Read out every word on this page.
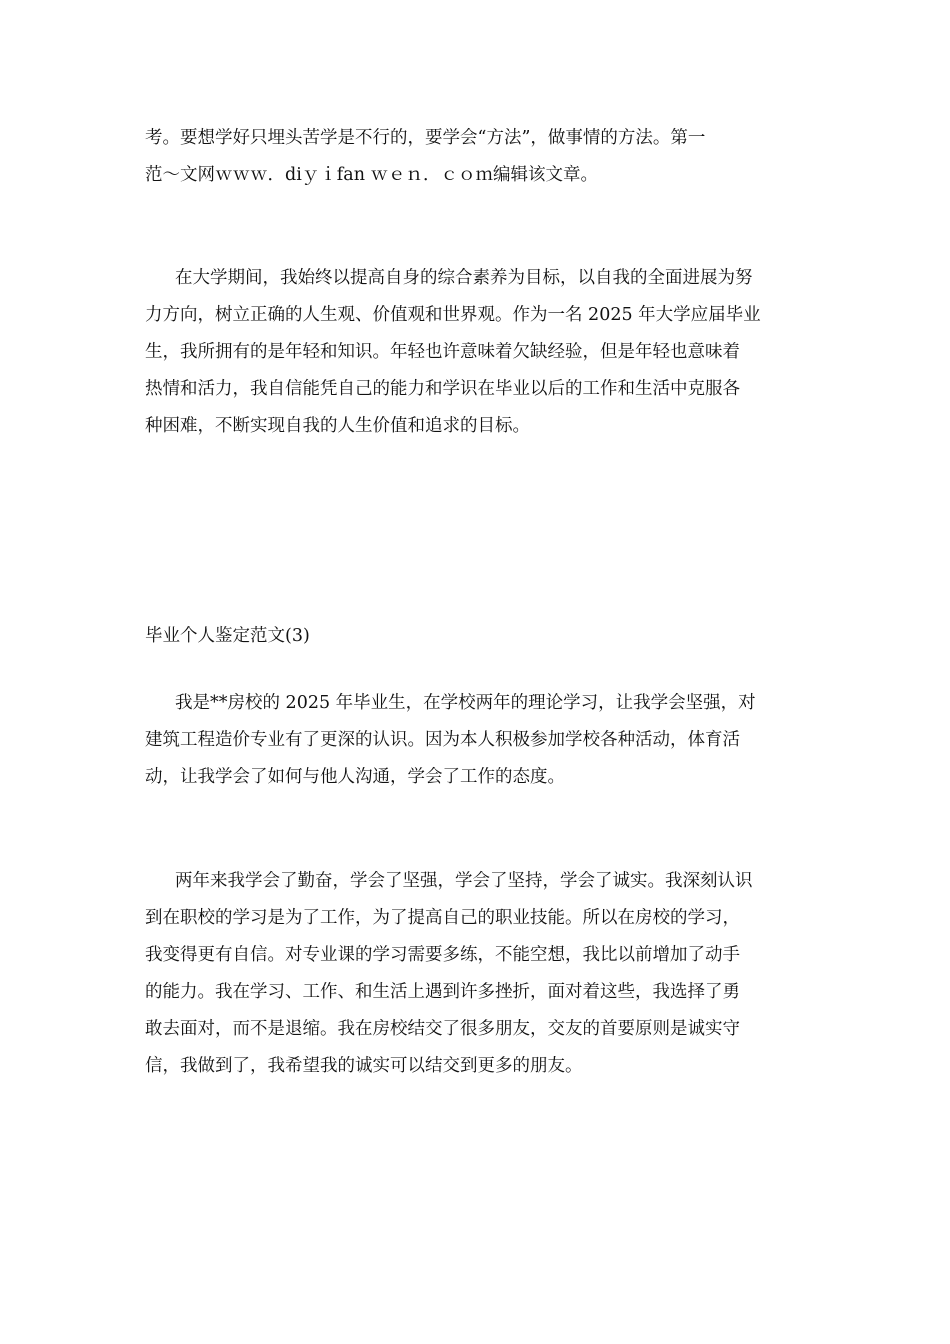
考。要想学好只埋头苦学是不行的，要学会“方法”，做事情的方法。第一
范～文网ｗｗｗ．diｙｉfan ｗｅｎ．ｃｏｍ编辑该文章。
在大学期间，我始终以提高自身的综合素养为目标，以自我的全面进展为努
力方向，树立正确的人生观、价值观和世界观。作为一名 2025 年大学应届毕业
生，我所拥有的是年轻和知识。年轻也许意味着欠缺经验，但是年轻也意味着
热情和活力，我自信能凭自己的能力和学识在毕业以后的工作和生活中克服各
种困难，不断实现自我的人生价值和追求的目标。
毕业个人鉴定范文(3)
我是**房校的 2025 年毕业生，在学校两年的理论学习，让我学会坚强，对
建筑工程造价专业有了更深的认识。因为本人积极参加学校各种活动，体育活
动，让我学会了如何与他人沟通，学会了工作的态度。
两年来我学会了勤奋，学会了坚强，学会了坚持，学会了诚实。我深刻认识
到在职校的学习是为了工作，为了提高自己的职业技能。所以在房校的学习，
我变得更有自信。对专业课的学习需要多练，不能空想，我比以前增加了动手
的能力。我在学习、工作、和生活上遇到许多挫折，面对着这些，我选择了勇
敢去面对，而不是退缩。我在房校结交了很多朋友，交友的首要原则是诚实守
信，我做到了，我希望我的诚实可以结交到更多的朋友。
